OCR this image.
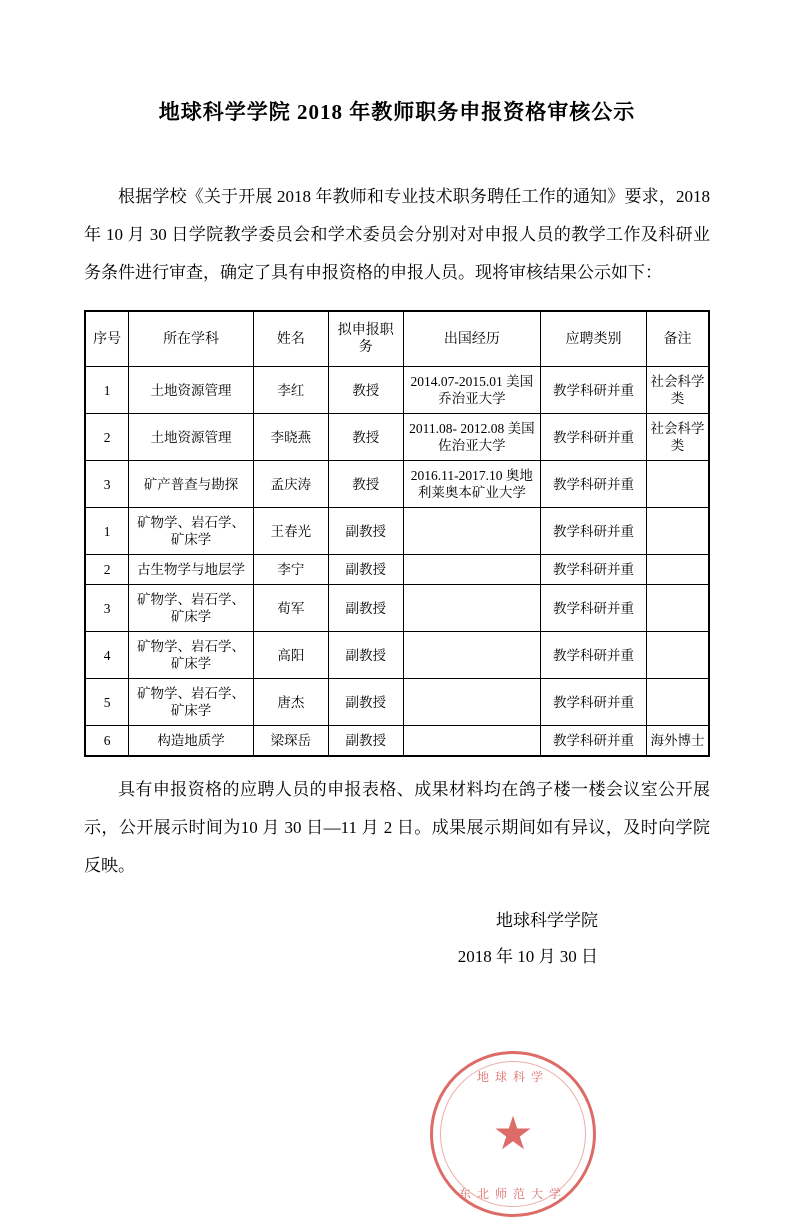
地球科学学院 2018 年教师职务申报资格审核公示

根据学校《关于开展 2018 年教师和专业技术职务聘任工作的通知》要求，2018 年 10 月 30 日学院教学委员会和学术委员会分别对对申报人员的教学工作及科研业务条件进行审查，确定了具有申报资格的申报人员。现将审核结果公示如下：

序号	所在学科	姓名	拟申报职务	出国经历	应聘类别	备注
1	土地资源管理	李红	教授	2014.07-2015.01 美国乔治亚大学	教学科研并重	社会科学类
2	土地资源管理	李晓燕	教授	2011.08- 2012.08 美国佐治亚大学	教学科研并重	社会科学类
3	矿产普查与勘探	孟庆涛	教授	2016.11-2017.10 奥地利莱奥本矿业大学	教学科研并重	
1	矿物学、岩石学、矿床学	王春光	副教授		教学科研并重	
2	古生物学与地层学	李宁	副教授		教学科研并重	
3	矿物学、岩石学、矿床学	荀军	副教授		教学科研并重	
4	矿物学、岩石学、矿床学	高阳	副教授		教学科研并重	
5	矿物学、岩石学、矿床学	唐杰	副教授		教学科研并重	
6	构造地质学	梁琛岳	副教授		教学科研并重	海外博士

具有申报资格的应聘人员的申报表格、成果材料均在鸽子楼一楼会议室公开展示，公开展示时间为10 月 30 日—11 月 2 日。成果展示期间如有异议，及时向学院反映。

地球科学学院
2018 年 10 月 30 日
地球科学
★
东北师范大学
